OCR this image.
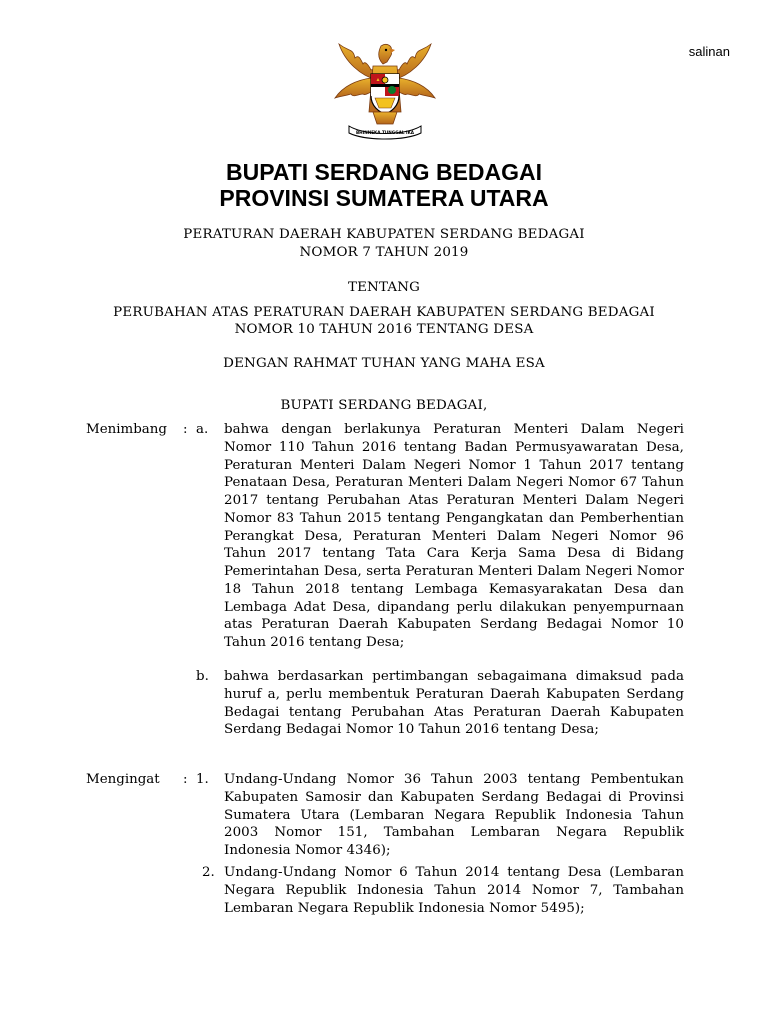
salinan
BHINNEKA TUNGGAL IKA
BUPATI SERDANG BEDAGAI
PROVINSI SUMATERA UTARA
PERATURAN DAERAH KABUPATEN SERDANG BEDAGAI
NOMOR 7 TAHUN 2019
TENTANG
PERUBAHAN ATAS PERATURAN DAERAH KABUPATEN SERDANG BEDAGAI
NOMOR 10 TAHUN 2016 TENTANG DESA
DENGAN RAHMAT TUHAN YANG MAHA ESA
BUPATI SERDANG BEDAGAI,
Menimbang : a. bahwa dengan berlakunya Peraturan Menteri Dalam Negeri Nomor 110 Tahun 2016 tentang Badan Permusyawaratan Desa, Peraturan Menteri Dalam Negeri Nomor 1 Tahun 2017 tentang Penataan Desa, Peraturan Menteri Dalam Negeri Nomor 67 Tahun 2017 tentang Perubahan Atas Peraturan Menteri Dalam Negeri Nomor 83 Tahun 2015 tentang Pengangkatan dan Pemberhentian Perangkat Desa, Peraturan Menteri Dalam Negeri Nomor 96 Tahun 2017 tentang Tata Cara Kerja Sama Desa di Bidang Pemerintahan Desa, serta Peraturan Menteri Dalam Negeri Nomor 18 Tahun 2018 tentang Lembaga Kemasyarakatan Desa dan Lembaga Adat Desa, dipandang perlu dilakukan penyempurnaan atas Peraturan Daerah Kabupaten Serdang Bedagai Nomor 10 Tahun 2016 tentang Desa;
b. bahwa berdasarkan pertimbangan sebagaimana dimaksud pada huruf a, perlu membentuk Peraturan Daerah Kabupaten Serdang Bedagai tentang Perubahan Atas Peraturan Daerah Kabupaten Serdang Bedagai Nomor 10 Tahun 2016 tentang Desa;
Mengingat : 1. Undang-Undang Nomor 36 Tahun 2003 tentang Pembentukan Kabupaten Samosir dan Kabupaten Serdang Bedagai di Provinsi Sumatera Utara (Lembaran Negara Republik Indonesia Tahun 2003 Nomor 151, Tambahan Lembaran Negara Republik Indonesia Nomor 4346);
2. Undang-Undang Nomor 6 Tahun 2014 tentang Desa (Lembaran Negara Republik Indonesia Tahun 2014 Nomor 7, Tambahan Lembaran Negara Republik Indonesia Nomor 5495);
